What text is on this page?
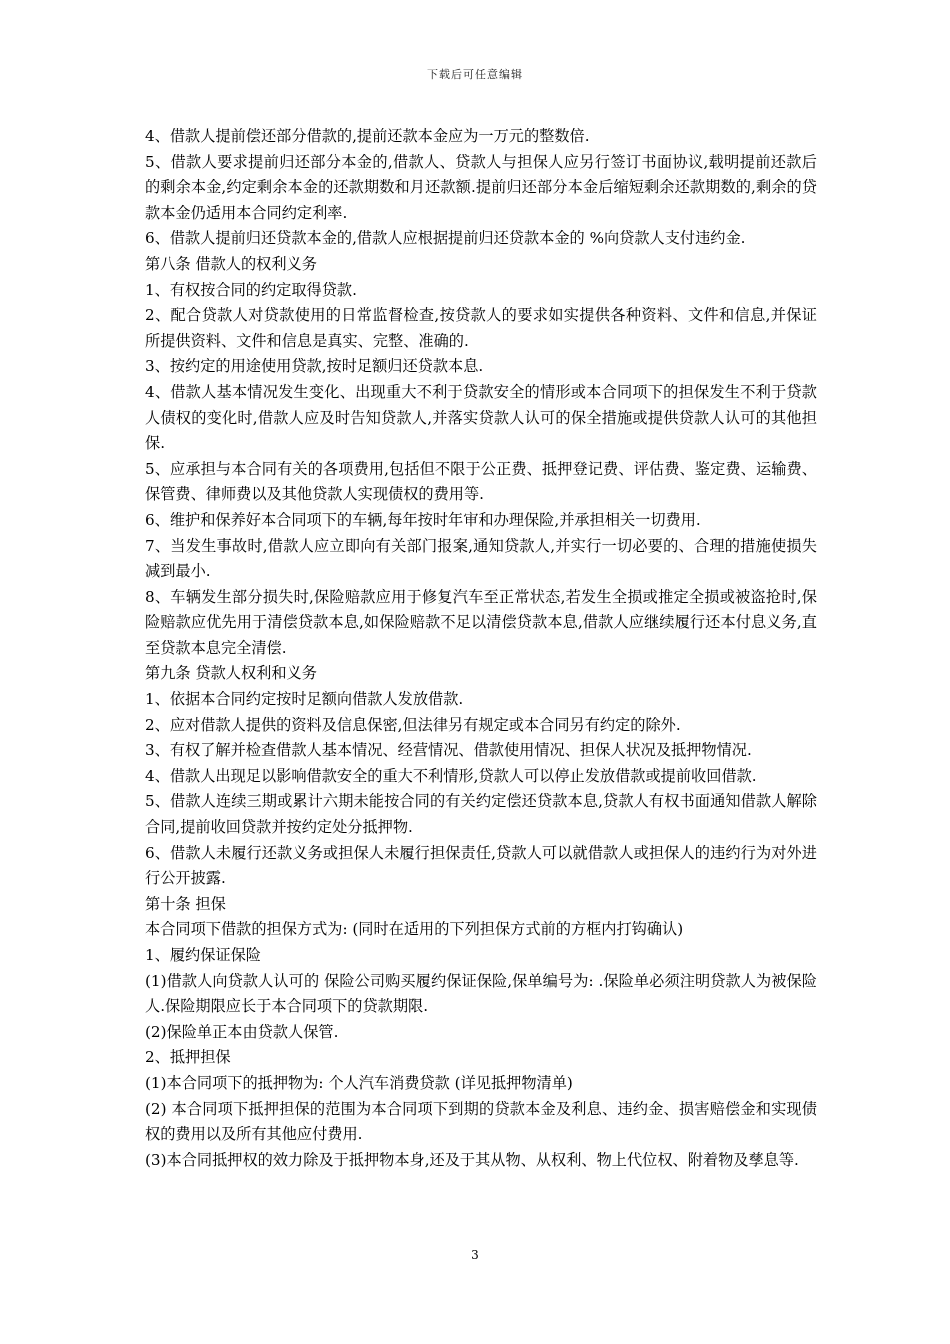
下载后可任意编辑

4、借款人提前偿还部分借款的,提前还款本金应为一万元的整数倍.

5、借款人要求提前归还部分本金的,借款人、贷款人与担保人应另行签订书面协议,载明提前还款后的剩余本金,约定剩余本金的还款期数和月还款额.提前归还部分本金后缩短剩余还款期数的,剩余的贷款本金仍适用本合同约定利率.

6、借款人提前归还贷款本金的,借款人应根据提前归还贷款本金的 %向贷款人支付违约金.

第八条 借款人的权利义务

1、有权按合同的约定取得贷款.

2、配合贷款人对贷款使用的日常监督检查,按贷款人的要求如实提供各种资料、文件和信息,并保证所提供资料、文件和信息是真实、完整、准确的.

3、按约定的用途使用贷款,按时足额归还贷款本息.

4、借款人基本情况发生变化、出现重大不利于贷款安全的情形或本合同项下的担保发生不利于贷款人债权的变化时,借款人应及时告知贷款人,并落实贷款人认可的保全措施或提供贷款人认可的其他担保.

5、应承担与本合同有关的各项费用,包括但不限于公正费、抵押登记费、评估费、鉴定费、运输费、保管费、律师费以及其他贷款人实现债权的费用等.

6、维护和保养好本合同项下的车辆,每年按时年审和办理保险,并承担相关一切费用.

7、当发生事故时,借款人应立即向有关部门报案,通知贷款人,并实行一切必要的、合理的措施使损失减到最小.

8、车辆发生部分损失时,保险赔款应用于修复汽车至正常状态,若发生全损或推定全损或被盗抢时,保险赔款应优先用于清偿贷款本息,如保险赔款不足以清偿贷款本息,借款人应继续履行还本付息义务,直至贷款本息完全清偿.

第九条 贷款人权利和义务

1、依据本合同约定按时足额向借款人发放借款.

2、应对借款人提供的资料及信息保密,但法律另有规定或本合同另有约定的除外.

3、有权了解并检查借款人基本情况、经营情况、借款使用情况、担保人状况及抵押物情况.

4、借款人出现足以影响借款安全的重大不利情形,贷款人可以停止发放借款或提前收回借款.

5、借款人连续三期或累计六期未能按合同的有关约定偿还贷款本息,贷款人有权书面通知借款人解除合同,提前收回贷款并按约定处分抵押物.

6、借款人未履行还款义务或担保人未履行担保责任,贷款人可以就借款人或担保人的违约行为对外进行公开披露.

第十条 担保

本合同项下借款的担保方式为: (同时在适用的下列担保方式前的方框内打钩确认)

1、履约保证保险

(1)借款人向贷款人认可的 保险公司购买履约保证保险,保单编号为: .保险单必须注明贷款人为被保险人.保险期限应长于本合同项下的贷款期限.

(2)保险单正本由贷款人保管.

2、抵押担保

(1)本合同项下的抵押物为: 个人汽车消费贷款 (详见抵押物清单)

(2) 本合同项下抵押担保的范围为本合同项下到期的贷款本金及利息、违约金、损害赔偿金和实现债权的费用以及所有其他应付费用.

(3)本合同抵押权的效力除及于抵押物本身,还及于其从物、从权利、物上代位权、附着物及孳息等.

3
